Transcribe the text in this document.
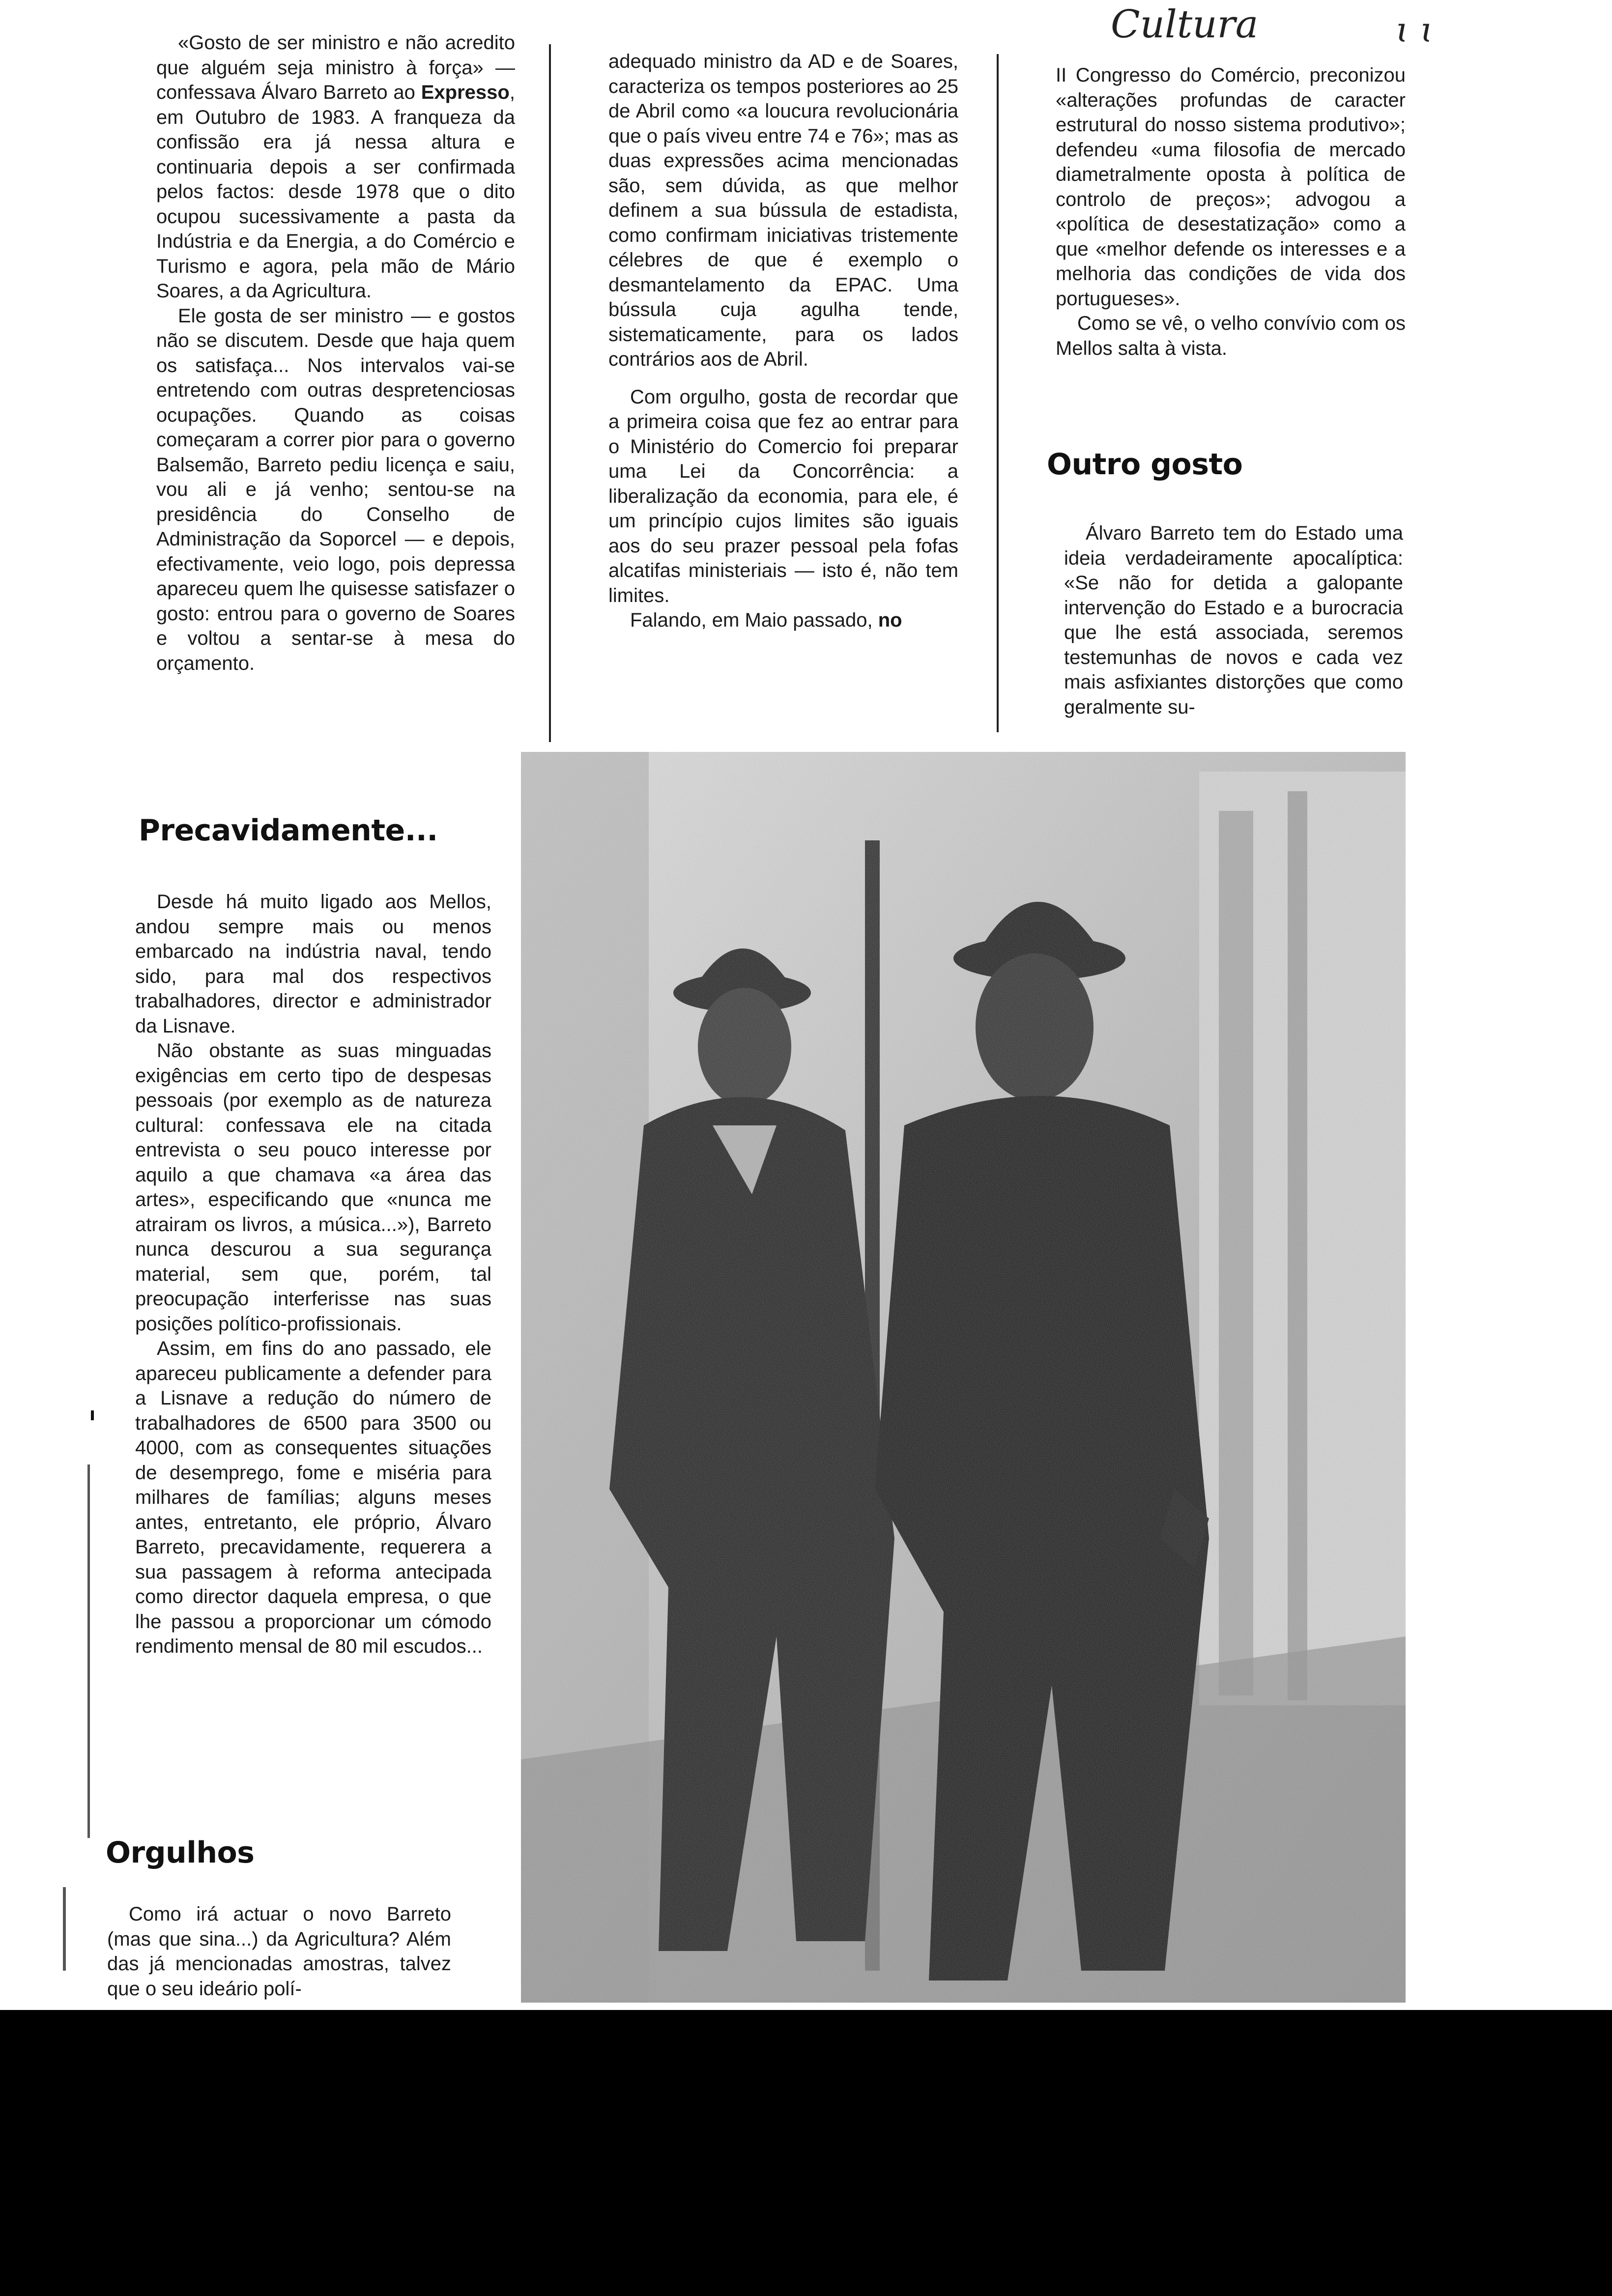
Cultura	ɩ ɩ

«Gosto de ser ministro e não acredito que alguém seja ministro à força» — confessava Álvaro Barreto ao Expresso, em Outubro de 1983. A franqueza da confissão era já nessa altura e continuaria depois a ser confirmada pelos factos: desde 1978 que o dito ocupou sucessivamente a pasta da Indústria e da Energia, a do Comércio e Turismo e agora, pela mão de Mário Soares, a da Agricultura.

Ele gosta de ser ministro — e gostos não se discutem. Desde que haja quem os satisfaça... Nos intervalos vai-se entretendo com outras despretenciosas ocupações. Quando as coisas começaram a correr pior para o governo Balsemão, Barreto pediu licença e saiu, vou ali e já venho; sentou-se na presidência do Conselho de Administração da Soporcel — e depois, efectivamente, veio logo, pois depressa apareceu quem lhe quisesse satisfazer o gosto: entrou para o governo de Soares e voltou a sentar-se à mesa do orçamento.

Precavidamente...

Desde há muito ligado aos Mellos, andou sempre mais ou menos embarcado na indústria naval, tendo sido, para mal dos respectivos trabalhadores, director e administrador da Lisnave.

Não obstante as suas minguadas exigências em certo tipo de despesas pessoais (por exemplo as de natureza cultural: confessava ele na citada entrevista o seu pouco interesse por aquilo a que chamava «a área das artes», especificando que «nunca me atrairam os livros, a música...»), Barreto nunca descurou a sua segurança material, sem que, porém, tal preocupação interferisse nas suas posições político-profissionais.

Assim, em fins do ano passado, ele apareceu publicamente a defender para a Lisnave a redução do número de trabalhadores de 6500 para 3500 ou 4000, com as consequentes situações de desemprego, fome e miséria para milhares de famílias; alguns meses antes, entretanto, ele próprio, Álvaro Barreto, precavidamente, requerera a sua passagem à reforma antecipada como director daquela empresa, o que lhe passou a proporcionar um cómodo rendimento mensal de 80 mil escudos...

Orgulhos

Como irá actuar o novo Barreto (mas que sina...) da Agricultura? Além das já mencionadas amostras, talvez que o seu ideário polí-

adequado ministro da AD e de Soares, caracteriza os tempos posteriores ao 25 de Abril como «a loucura revolucionária que o país viveu entre 74 e 76»; mas as duas expressões acima mencionadas são, sem dúvida, as que melhor definem a sua bússula de estadista, como confirmam iniciativas tristemente célebres de que é exemplo o desmantelamento da EPAC. Uma bússula cuja agulha tende, sistematicamente, para os lados contrários aos de Abril.

Com orgulho, gosta de recordar que a primeira coisa que fez ao entrar para o Ministério do Comercio foi preparar uma Lei da Concorrência: a liberalização da economia, para ele, é um princípio cujos limites são iguais aos do seu prazer pessoal pela fofas alcatifas ministeriais — isto é, não tem limites.

Falando, em Maio passado, no

II Congresso do Comércio, preconizou «alterações profundas de caracter estrutural do nosso sistema produtivo»; defendeu «uma filosofia de mercado diametralmente oposta à política de controlo de preços»; advogou a «política de desestatização» como a que «melhor defende os interesses e a melhoria das condições de vida dos portugueses».

Como se vê, o velho convívio com os Mellos salta à vista.

Outro gosto

Álvaro Barreto tem do Estado uma ideia verdadeiramente apocalíptica: «Se não for detida a galopante intervenção do Estado e a burocracia que lhe está associada, seremos testemunhas de novos e cada vez mais asfixiantes distorções que como geralmente su-
